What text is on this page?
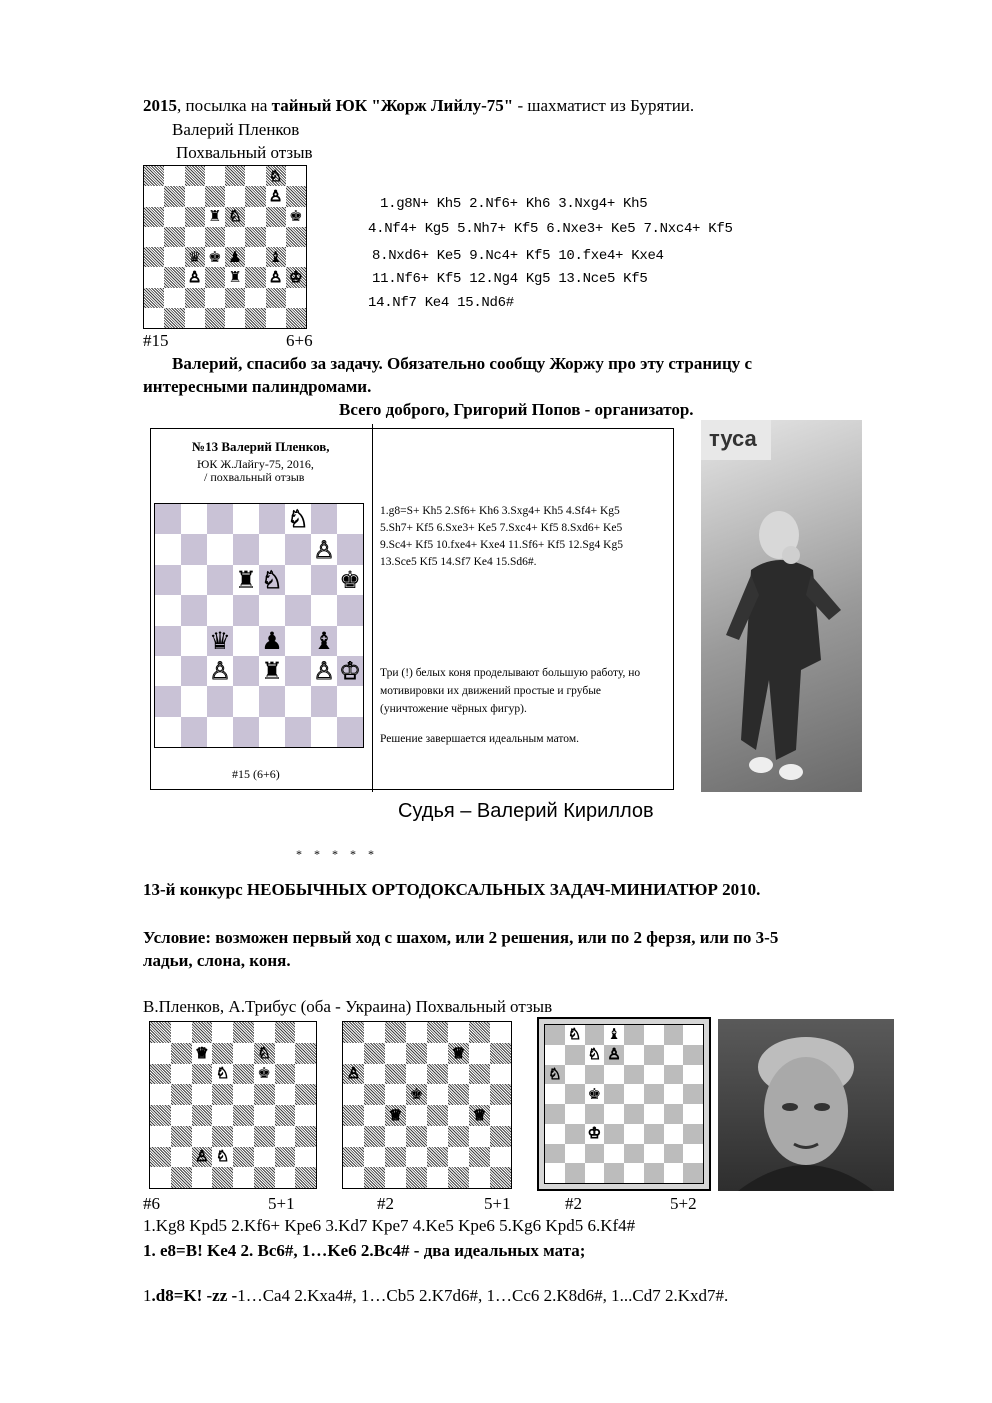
2015, посылка на тайный ЮК "Жорж Лийлу-75" - шахматист из Бурятии.
Валерий Пленков
Похвальный отзыв
♘
♙
♜ ♘	♚
♛ ♚ ♟ ♝
♙ ♜ ♙ ♔
1.g8N+ Kh5 2.Nf6+ Kh6 3.Nxg4+ Kh5
4.Nf4+ Kg5 5.Nh7+ Kf5 6.Nxe3+ Ke5 7.Nxc4+ Kf5
8.Nxd6+ Ke5 9.Nc4+ Kf5 10.fxe4+ Kxe4
11.Nf6+ Kf5 12.Ng4 Kg5 13.Nce5 Kf5
14.Nf7 Ke4 15.Nd6#
#15	6+6
Валерий, спасибо за задачу. Обязательно сообщу Жоржу про эту страницу с
интересными палиндромами.
Всего доброго, Григорий Попов - организатор.
№13 Валерий Пленков,
ЮК Ж.Лайгу-75, 2016,
/ похвальный отзыв
♘
♙
♜ ♘ ♚
♛ ♟ ♝
♙ ♜ ♙ ♔
#15 (6+6)
1.g8=S+ Kh5 2.Sf6+ Kh6 3.Sxg4+ Kh5 4.Sf4+ Kg5
5.Sh7+ Kf5 6.Sxe3+ Ke5 7.Sxc4+ Kf5 8.Sxd6+ Ke5
9.Sc4+ Kf5 10.fxe4+ Kxe4 11.Sf6+ Kf5 12.Sg4 Kg5
13.Sce5 Kf5 14.Sf7 Ke4 15.Sd6#.
Три (!) белых коня проделывают большую работу, но
мотивировки их движений простые и грубые
(уничтожение чёрных фигур).
Решение завершается идеальным матом.
туса
Судья – Валерий Кириллов
*    *    *    *    *
13-й конкурс НЕОБЫЧНЫХ ОРТОДОКСАЛЬНЫХ ЗАДАЧ-МИНИАТЮР 2010.
Условие: возможен первый ход с шахом, или 2 решения, или по 2 ферзя, или по 3-5
ладьи, слона, коня.
В.Пленков, А.Трибус (оба - Украина) Похвальный отзыв
♕	♘
♘ ♚
♙ ♘
♕
♙
♚
♕	♕
♘ ♝
♘ ♙
♘
♚
♔
#6	5+1	#2	5+1	#2	5+2
1.Kg8 Kpd5 2.Kf6+ Kpe6 3.Kd7 Kpe7 4.Ke5 Kpe6 5.Kg6 Kpd5 6.Kf4#
1. e8=B! Ke4 2. Bc6#, 1…Ke6 2.Bc4# - два идеальных мата;
1.d8=K! -zz -1…Ca4 2.Kxa4#, 1…Cb5 2.K7d6#, 1…Cc6 2.K8d6#, 1...Cd7 2.Kxd7#.
